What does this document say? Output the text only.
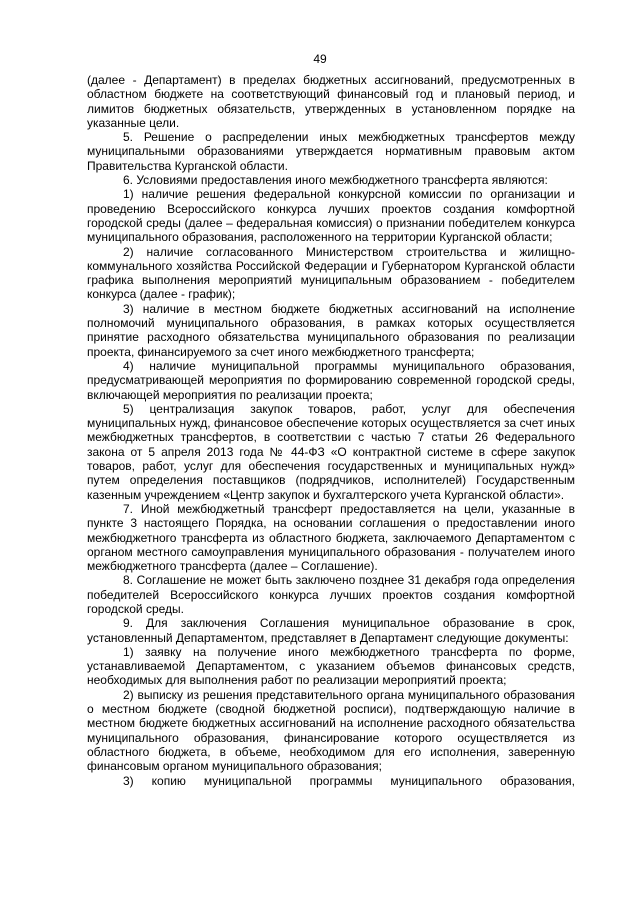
49

(далее - Департамент) в пределах бюджетных ассигнований, предусмотренных в областном бюджете на соответствующий финансовый год и плановый период, и лимитов бюджетных обязательств, утвержденных в установленном порядке на указанные цели.

5. Решение о распределении иных межбюджетных трансфертов между муниципальными образованиями утверждается нормативным правовым актом Правительства Курганской области.

6. Условиями предоставления иного межбюджетного трансферта являются:

1) наличие решения федеральной конкурсной комиссии по организации и проведению Всероссийского конкурса лучших проектов создания комфортной городской среды (далее – федеральная комиссия) о признании победителем конкурса муниципального образования, расположенного на территории Курганской области;

2) наличие согласованного Министерством строительства и жилищно-коммунального хозяйства Российской Федерации и Губернатором Курганской области графика выполнения мероприятий муниципальным образованием - победителем конкурса (далее - график);

3) наличие в местном бюджете бюджетных ассигнований на исполнение полномочий муниципального образования, в рамках которых осуществляется принятие расходного обязательства муниципального образования по реализации проекта, финансируемого за счет иного межбюджетного трансферта;

4) наличие муниципальной программы муниципального образования, предусматривающей мероприятия по формированию современной городской среды, включающей мероприятия по реализации проекта;

5) централизация закупок товаров, работ, услуг для обеспечения муниципальных нужд, финансовое обеспечение которых осуществляется за счет иных межбюджетных трансфертов, в соответствии с частью 7 статьи 26 Федерального закона от 5 апреля 2013 года № 44-ФЗ «О контрактной системе в сфере закупок товаров, работ, услуг для обеспечения государственных и муниципальных нужд» путем определения поставщиков (подрядчиков, исполнителей) Государственным казенным учреждением «Центр закупок и бухгалтерского учета Курганской области».

7. Иной межбюджетный трансферт предоставляется на цели, указанные в пункте 3 настоящего Порядка, на основании соглашения о предоставлении иного межбюджетного трансферта из областного бюджета, заключаемого Департаментом с органом местного самоуправления муниципального образования - получателем иного межбюджетного трансферта (далее – Соглашение).

8. Соглашение не может быть заключено позднее 31 декабря года определения победителей Всероссийского конкурса лучших проектов создания комфортной городской среды.

9. Для заключения Соглашения муниципальное образование в срок, установленный Департаментом, представляет в Департамент следующие документы:

1) заявку на получение иного межбюджетного трансферта по форме, устанавливаемой Департаментом, с указанием объемов финансовых средств, необходимых для выполнения работ по реализации мероприятий проекта;

2) выписку из решения представительного органа муниципального образования о местном бюджете (сводной бюджетной росписи), подтверждающую наличие в местном бюджете бюджетных ассигнований на исполнение расходного обязательства муниципального образования, финансирование которого осуществляется из областного бюджета, в объеме, необходимом для его исполнения, заверенную финансовым органом муниципального образования;

3) копию муниципальной программы муниципального образования,
